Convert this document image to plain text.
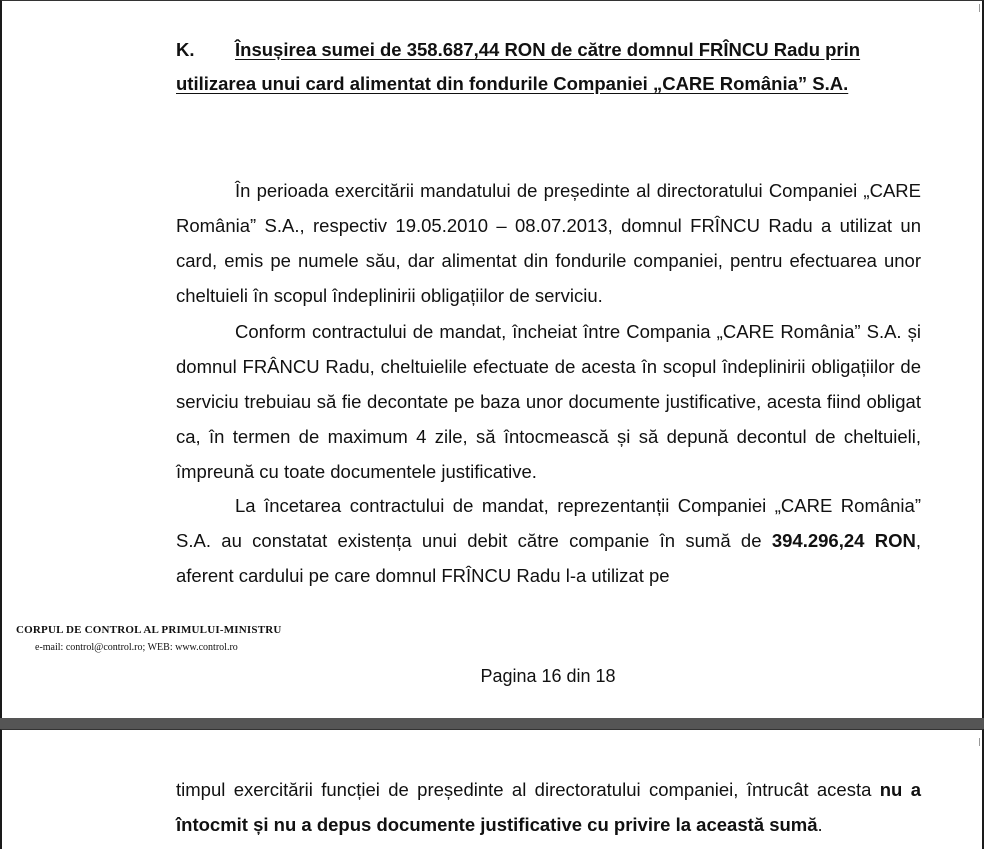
K. Însușirea sumei de 358.687,44 RON de către domnul FRÎNCU Radu prin utilizarea unui card alimentat din fondurile Companiei „CARE România” S.A.

În perioada exercitării mandatului de președinte al directoratului Companiei „CARE România” S.A., respectiv 19.05.2010 – 08.07.2013, domnul FRÎNCU Radu a utilizat un card, emis pe numele său, dar alimentat din fondurile companiei, pentru efectuarea unor cheltuieli în scopul îndeplinirii obligațiilor de serviciu.

Conform contractului de mandat, încheiat între Compania „CARE România” S.A. și domnul FRÂNCU Radu, cheltuielile efectuate de acesta în scopul îndeplinirii obligațiilor de serviciu trebuiau să fie decontate pe baza unor documente justificative, acesta fiind obligat ca, în termen de maximum 4 zile, să întocmească și să depună decontul de cheltuieli, împreună cu toate documentele justificative.

La încetarea contractului de mandat, reprezentanții Companiei „CARE România” S.A. au constatat existența unui debit către companie în sumă de 394.296,24 RON, aferent cardului pe care domnul FRÎNCU Radu l-a utilizat pe

CORPUL DE CONTROL AL PRIMULUI-MINISTRU
e-mail: control@control.ro; WEB: www.control.ro
Pagina 16 din 18

timpul exercitării funcției de președinte al directoratului companiei, întrucât acesta nu a întocmit și nu a depus documente justificative cu privire la această sumă.
